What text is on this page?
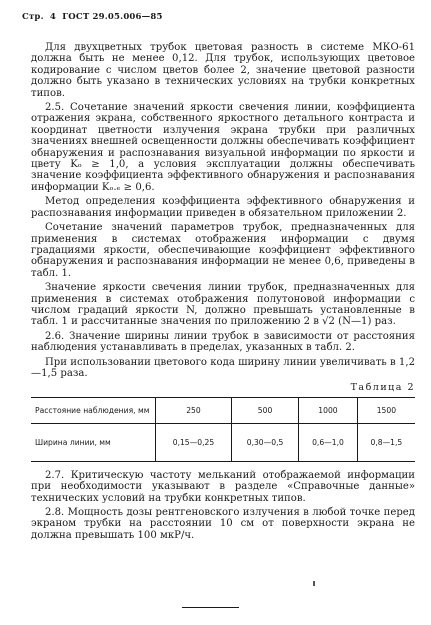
Стр. 4 ГОСТ 29.05.006—85

Для двухцветных трубок цветовая разность в системе МКО-61 должна быть не менее 0,12. Для трубок, использующих цветовое кодирование с числом цветов более 2, значение цветовой разности должно быть указано в технических условиях на трубки конкретных типов.

2.5. Сочетание значений яркости свечения линии, коэффициента отражения экрана, собственного яркостного детального контраста и координат цветности излучения экрана трубки при различных значениях внешней освещенности должны обеспечивать коэффициент обнаружения и распознавания визуальной информации по яркости и цвету Kₒ ≥ 1,0, а условия эксплуатации должны обеспечивать значение коэффициента эффективного обнаружения и распознавания информации Kₒ.ₑ ≥ 0,6.

Метод определения коэффициента эффективного обнаружения и распознавания информации приведен в обязательном приложении 2.

Сочетание значений параметров трубок, предназначенных для применения в системах отображения информации с двумя градациями яркости, обеспечивающие коэффициент эффективного обнаружения и распознавания информации не менее 0,6, приведены в табл. 1.

Значение яркости свечения линии трубок, предназначенных для применения в системах отображения полутоновой информации с числом градаций яркости N, должно превышать установленные в табл. 1 и рассчитанные значения по приложению 2 в √2 (N—1) раз.

2.6. Значение ширины линии трубок в зависимости от расстояния наблюдения устанавливать в пределах, указанных в табл. 2.

При использовании цветового кода ширину линии увеличивать в 1,2—1,5 раза.

Таблица 2
Расстояние наблюдения, мм	250	500	1000	1500
Ширина линии, мм	0,15—0,25	0,30—0,5	0,6—1,0	0,8—1,5

2.7. Критическую частоту мельканий отображаемой информации при необходимости указывают в разделе «Справочные данные» технических условий на трубки конкретных типов.

2.8. Мощность дозы рентгеновского излучения в любой точке перед экраном трубки на расстоянии 10 см от поверхности экрана не должна превышать 100 мкР/ч.
